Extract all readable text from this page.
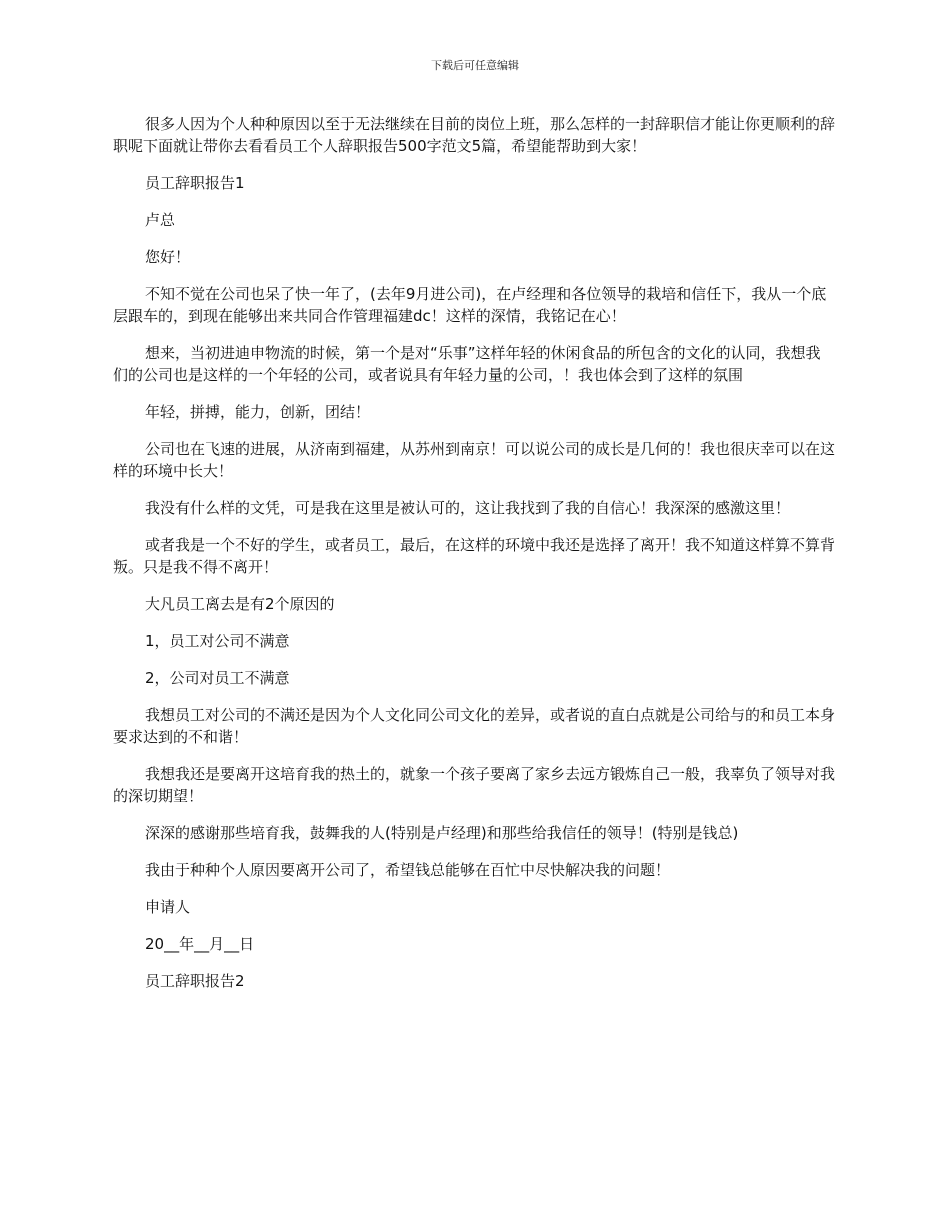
下载后可任意编辑

很多人因为个人种种原因以至于无法继续在目前的岗位上班，那么怎样的一封辞职信才能让你更顺利的辞职呢下面就让带你去看看员工个人辞职报告500字范文5篇，希望能帮助到大家！

员工辞职报告1

卢总

您好！

不知不觉在公司也呆了快一年了，(去年9月进公司)，在卢经理和各位领导的栽培和信任下，我从一个底层跟车的，到现在能够出来共同合作管理福建dc！这样的深情，我铭记在心！

想来，当初进迪申物流的时候，第一个是对“乐事”这样年轻的休闲食品的所包含的文化的认同，我想我们的公司也是这样的一个年轻的公司，或者说具有年轻力量的公司，！我也体会到了这样的氛围

年轻，拼搏，能力，创新，团结！

公司也在飞速的进展，从济南到福建，从苏州到南京！可以说公司的成长是几何的！我也很庆幸可以在这样的环境中长大！

我没有什么样的文凭，可是我在这里是被认可的，这让我找到了我的自信心！我深深的感激这里！

或者我是一个不好的学生，或者员工，最后，在这样的环境中我还是选择了离开！我不知道这样算不算背叛。只是我不得不离开！

大凡员工离去是有2个原因的

1，员工对公司不满意

2，公司对员工不满意

我想员工对公司的不满还是因为个人文化同公司文化的差异，或者说的直白点就是公司给与的和员工本身要求达到的不和谐！

我想我还是要离开这培育我的热土的，就象一个孩子要离了家乡去远方锻炼自己一般，我辜负了领导对我的深切期望！

深深的感谢那些培育我，鼓舞我的人(特别是卢经理)和那些给我信任的领导！(特别是钱总)

我由于种种个人原因要离开公司了，希望钱总能够在百忙中尽快解决我的问题！

申请人

20__年__月__日

员工辞职报告2
